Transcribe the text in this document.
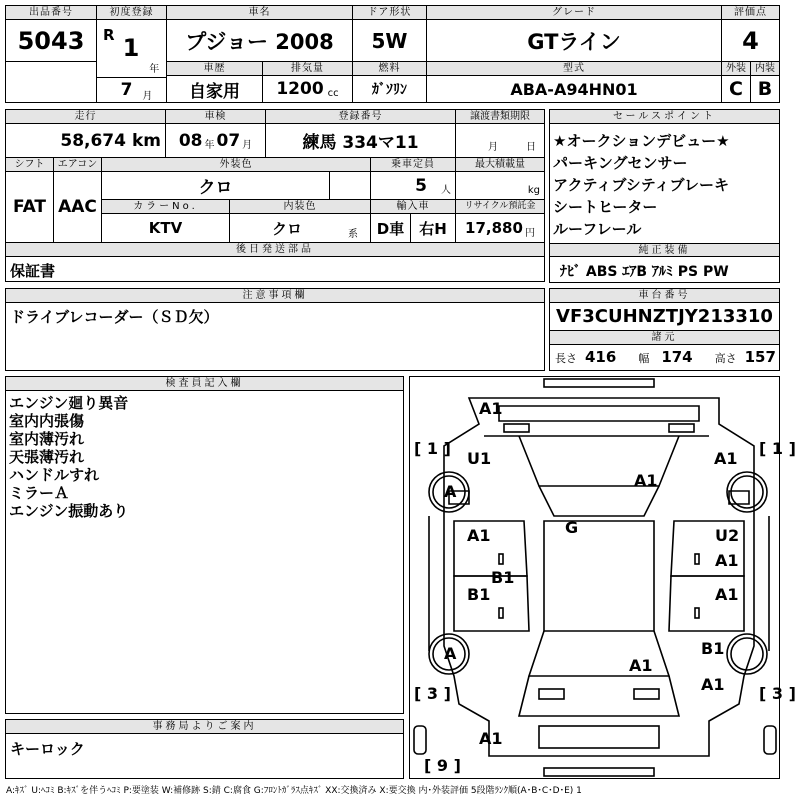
出品番号
5043
初度登録
R 1
年
7 月
車名
プジョー 2008
ドア形状
5W
グレード
GTライン
評価点
4
車歴
自家用
排気量
1200 cc
燃料
ｶﾞｿﾘﾝ
型式
ABA-A94HN01
外装
C
内装
B
走行
58,674 km
車検
08 年 07 月
登録番号
練馬 334マ11
譲渡書類期限
月	日
シフト
FAT
エアコン
AAC
外装色
クロ
乗車定員
5 人
最大積載量
kg
カラーNo.
KTV
内装色
クロ	系
輸入車
D車	右H
リサイクル預託金
17,880 円
後日発送部品
保証書
セールスポイント
★オークションデビュー★
パーキングセンサー
アクティブシティブレーキ
シートヒーター
ルーフレール
純正装備
ﾅﾋﾞ ABS ｴｱB ｱﾙﾐ PS PW
注意事項欄
ドライブレコーダー（ＳＤ欠）
車台番号
VF3CUHNZTJY213310
諸元
長さ 416 幅 174 高さ 157
検査員記入欄
エンジン廻り異音
室内内張傷
室内薄汚れ
天張薄汚れ
ハンドルすれ
ミラーＡ
エンジン振動あり
事務局よりご案内
キーロック
A1
U1	A1
A1
G
A1	U2
A1
B1
B1	A1
B1
A1
A1
A1
A
A
[ 1 ]	[ 1 ]
[ 3 ]	[ 3 ]
[ 9 ]
A:ｷｽﾞ U:ﾍｺﾐ B:ｷｽﾞを伴うﾍｺﾐ P:要塗装 W:補修跡 S:錆 C:腐食 G:ﾌﾛﾝﾄｶﾞﾗｽ点ｷｽﾞ XX:交換済み X:要交換 内･外装評価 5段階ﾗﾝｸ順(A･B･C･D･E) 1
